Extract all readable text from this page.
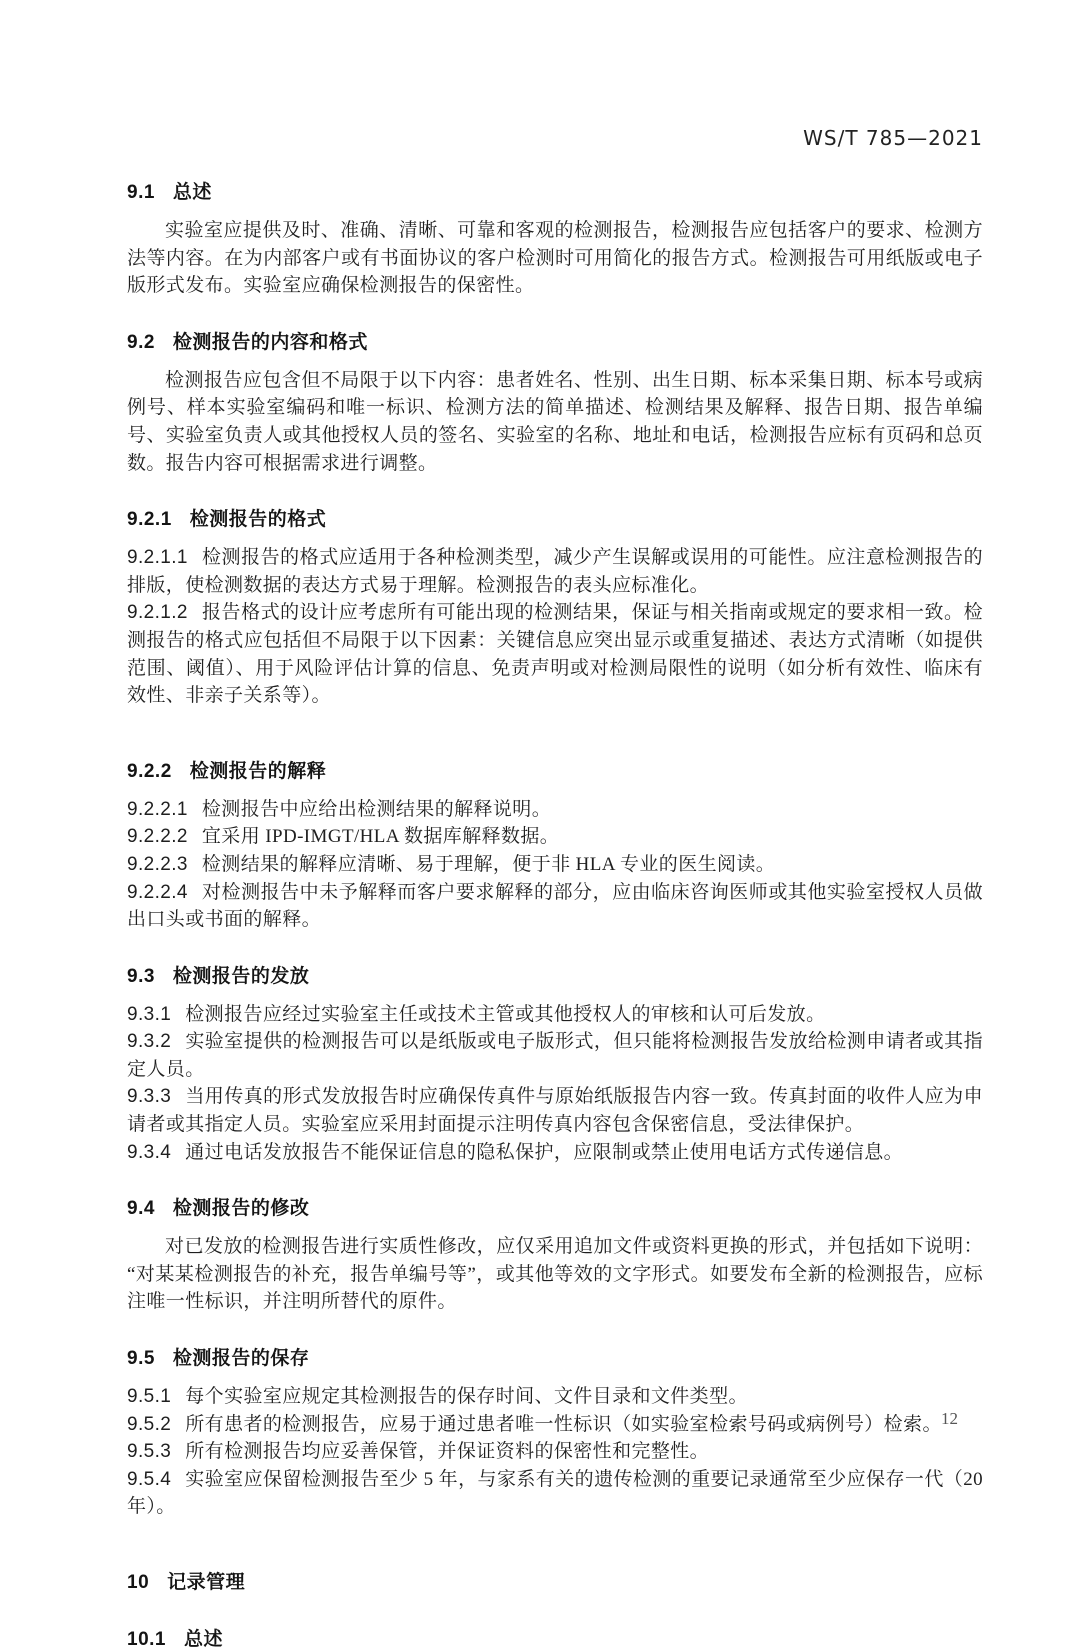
WS/T 785—2021
9.1 总述

实验室应提供及时、准确、清晰、可靠和客观的检测报告，检测报告应包括客户的要求、检测方法等内容。在为内部客户或有书面协议的客户检测时可用简化的报告方式。检测报告可用纸版或电子版形式发布。实验室应确保检测报告的保密性。

9.2 检测报告的内容和格式

检测报告应包含但不局限于以下内容：患者姓名、性别、出生日期、标本采集日期、标本号或病例号、样本实验室编码和唯一标识、检测方法的简单描述、检测结果及解释、报告日期、报告单编号、实验室负责人或其他授权人员的签名、实验室的名称、地址和电话，检测报告应标有页码和总页数。报告内容可根据需求进行调整。

9.2.1 检测报告的格式

9.2.1.1 检测报告的格式应适用于各种检测类型，减少产生误解或误用的可能性。应注意检测报告的排版，使检测数据的表达方式易于理解。检测报告的表头应标准化。

9.2.1.2 报告格式的设计应考虑所有可能出现的检测结果，保证与相关指南或规定的要求相一致。检测报告的格式应包括但不局限于以下因素：关键信息应突出显示或重复描述、表达方式清晰（如提供范围、阈值）、用于风险评估计算的信息、免责声明或对检测局限性的说明（如分析有效性、临床有效性、非亲子关系等）。

9.2.2 检测报告的解释

9.2.2.1 检测报告中应给出检测结果的解释说明。

9.2.2.2 宜采用 IPD-IMGT/HLA 数据库解释数据。

9.2.2.3 检测结果的解释应清晰、易于理解，便于非 HLA 专业的医生阅读。

9.2.2.4 对检测报告中未予解释而客户要求解释的部分，应由临床咨询医师或其他实验室授权人员做出口头或书面的解释。

9.3 检测报告的发放

9.3.1 检测报告应经过实验室主任或技术主管或其他授权人的审核和认可后发放。

9.3.2 实验室提供的检测报告可以是纸版或电子版形式，但只能将检测报告发放给检测申请者或其指定人员。

9.3.3 当用传真的形式发放报告时应确保传真件与原始纸版报告内容一致。传真封面的收件人应为申请者或其指定人员。实验室应采用封面提示注明传真内容包含保密信息，受法律保护。

9.3.4 通过电话发放报告不能保证信息的隐私保护，应限制或禁止使用电话方式传递信息。

9.4 检测报告的修改

对已发放的检测报告进行实质性修改，应仅采用追加文件或资料更换的形式，并包括如下说明：“对某某检测报告的补充，报告单编号等”，或其他等效的文字形式。如要发布全新的检测报告，应标注唯一性标识，并注明所替代的原件。

9.5 检测报告的保存

9.5.1 每个实验室应规定其检测报告的保存时间、文件目录和文件类型。

9.5.2 所有患者的检测报告，应易于通过患者唯一性标识（如实验室检索号码或病例号）检索。

9.5.3 所有检测报告均应妥善保管，并保证资料的保密性和完整性。

9.5.4 实验室应保留检测报告至少 5 年，与家系有关的遗传检测的重要记录通常至少应保存一代（20年）。

10 记录管理
10.1 总述
12
